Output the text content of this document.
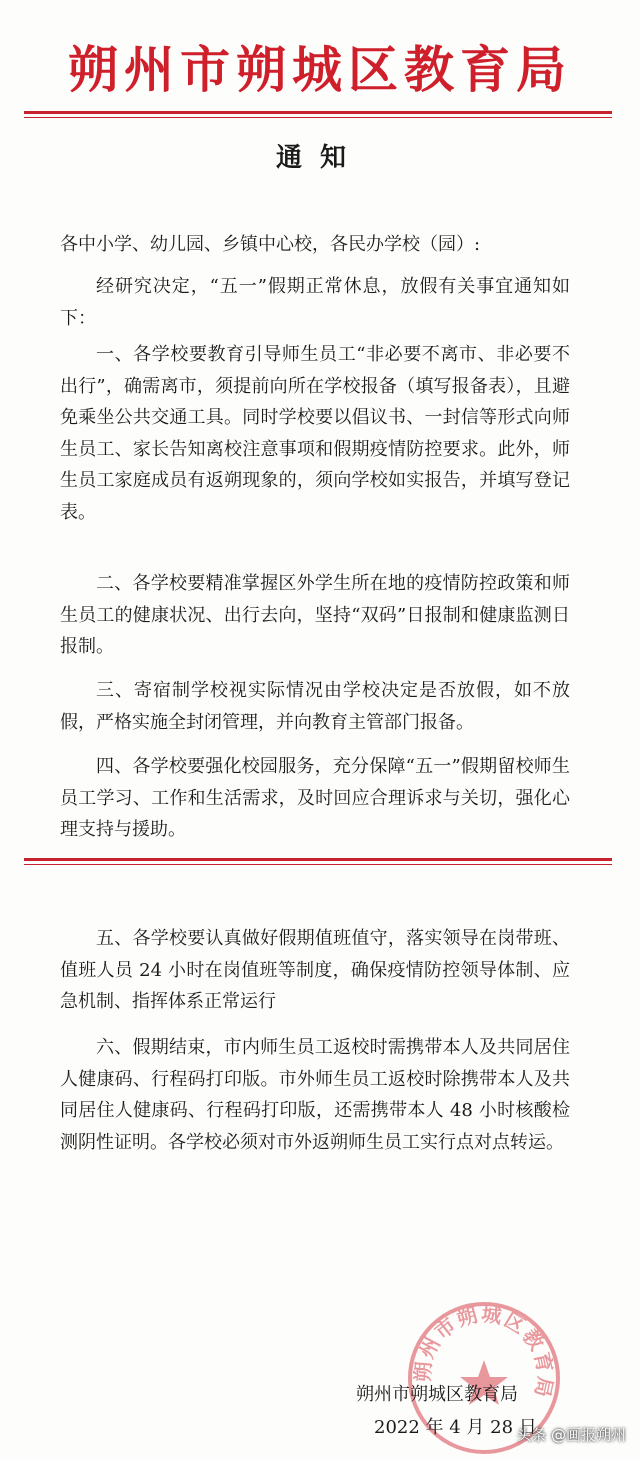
朔州市朔城区教育局
通知

各中小学、幼儿园、乡镇中心校，各民办学校（园）:

经研究决定，“五一”假期正常休息，放假有关事宜通知如下：

一、各学校要教育引导师生员工“非必要不离市、非必要不出行”，确需离市，须提前向所在学校报备（填写报备表），且避免乘坐公共交通工具。同时学校要以倡议书、一封信等形式向师生员工、家长告知离校注意事项和假期疫情防控要求。此外，师生员工家庭成员有返朔现象的，须向学校如实报告，并填写登记表。

二、各学校要精准掌握区外学生所在地的疫情防控政策和师生员工的健康状况、出行去向，坚持“双码”日报制和健康监测日报制。

三、寄宿制学校视实际情况由学校决定是否放假，如不放假，严格实施全封闭管理，并向教育主管部门报备。

四、各学校要强化校园服务，充分保障“五一”假期留校师生员工学习、工作和生活需求，及时回应合理诉求与关切，强化心理支持与援助。

五、各学校要认真做好假期值班值守，落实领导在岗带班、值班人员 24 小时在岗值班等制度，确保疫情防控领导体制、应急机制、指挥体系正常运行

六、假期结束，市内师生员工返校时需携带本人及共同居住人健康码、行程码打印版。市外师生员工返校时除携带本人及共同居住人健康码、行程码打印版，还需携带本人 48 小时核酸检测阴性证明。各学校必须对市外返朔师生员工实行点对点转运。

朔州市朔城区教育局
朔州市朔城区教育局
2022 年 4 月 28 日
头条 @画报朔州
